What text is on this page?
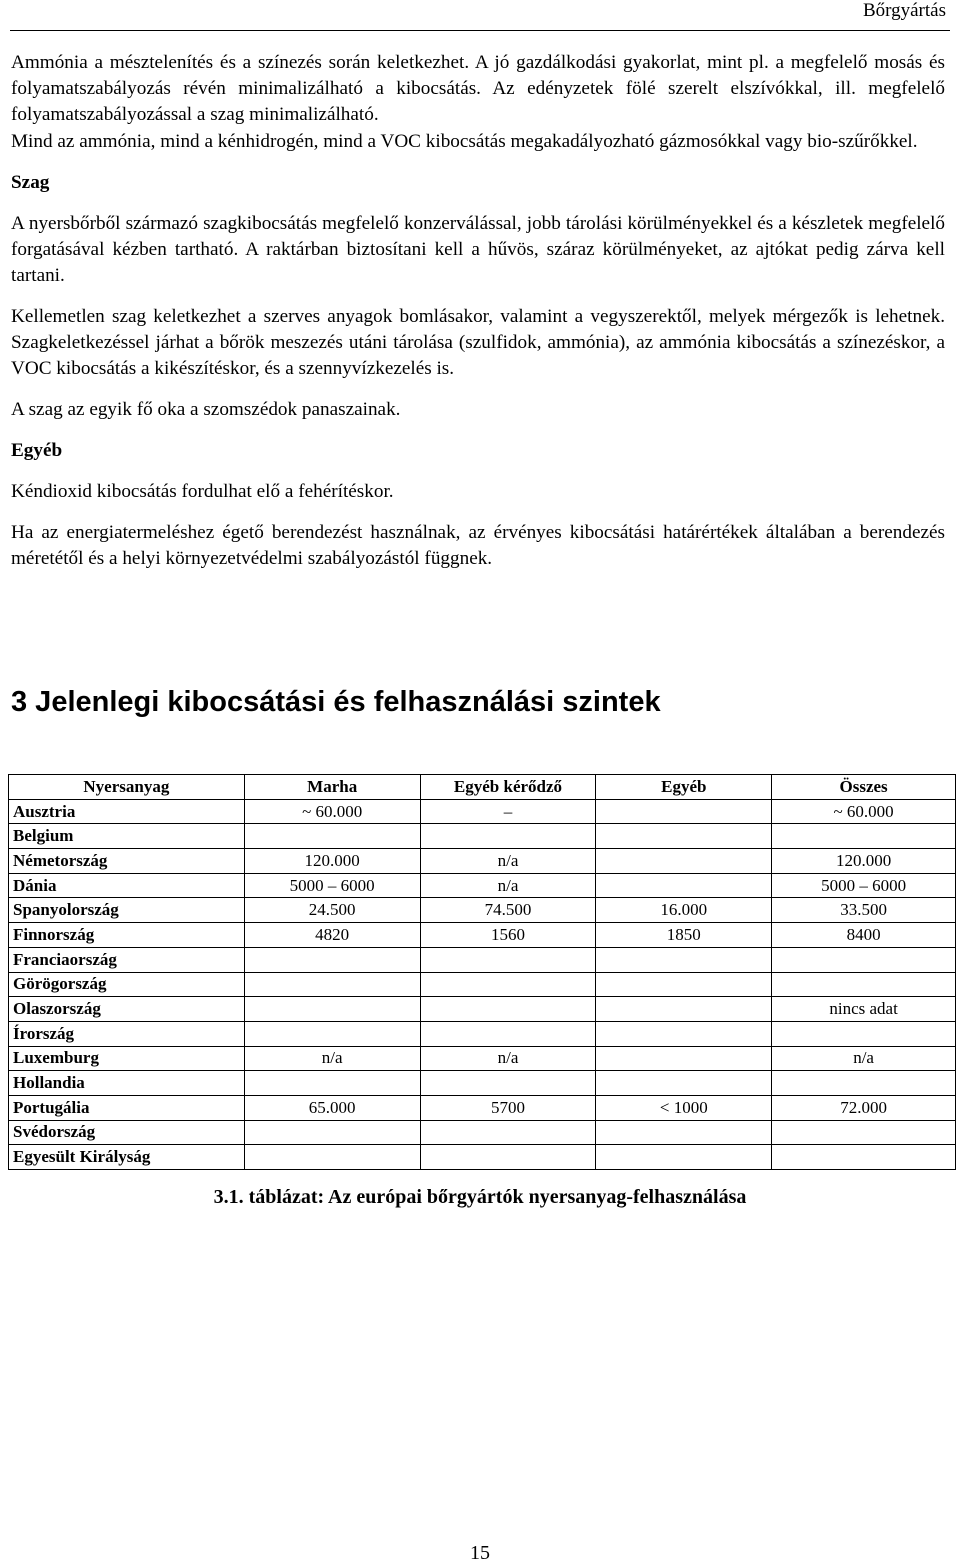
Bőrgyártás

Ammónia a mésztelenítés és a színezés során keletkezhet. A jó gazdálkodási gyakorlat, mint pl. a megfelelő mosás és folyamatszabályozás révén minimalizálható a kibocsátás. Az edényzetek fölé szerelt elszívókkal, ill. megfelelő folyamatszabályozással a szag minimalizálható.

Mind az ammónia, mind a kénhidrogén, mind a VOC kibocsátás megakadályozható gázmosókkal vagy bio-szűrőkkel.

Szag

A nyersbőrből származó szagkibocsátás megfelelő konzerválással, jobb tárolási körülményekkel és a készletek megfelelő forgatásával kézben tartható. A raktárban biztosítani kell a hűvös, száraz körülményeket, az ajtókat pedig zárva kell tartani.

Kellemetlen szag keletkezhet a szerves anyagok bomlásakor, valamint a vegyszerektől, melyek mérgezők is lehetnek. Szagkeletkezéssel járhat a bőrök meszezés utáni tárolása (szulfidok, ammónia), az ammónia kibocsátás a színezéskor, a VOC kibocsátás a kikészítéskor, és a szennyvízkezelés is.

A szag az egyik fő oka a szomszédok panaszainak.

Egyéb

Kéndioxid kibocsátás fordulhat elő a fehérítéskor.

Ha az energiatermeléshez égető berendezést használnak, az érvényes kibocsátási határértékek általában a berendezés méretétől és a helyi környezetvédelmi szabályozástól függnek.

3 Jelenlegi kibocsátási és felhasználási szintek
Nyersanyag	Marha	Egyéb kérődző	Egyéb	Összes
Ausztria	~ 60.000	–		~ 60.000
Belgium				
Németország	120.000	n/a		120.000
Dánia	5000 – 6000	n/a		5000 – 6000
Spanyolország	24.500	74.500	16.000	33.500
Finnország	4820	1560	1850	8400
Franciaország				
Görögország				
Olaszország				nincs adat
Írország				
Luxemburg	n/a	n/a		n/a
Hollandia				
Portugália	65.000	5700	< 1000	72.000
Svédország				
Egyesült Királyság				
3.1. táblázat: Az európai bőrgyártók nyersanyag-felhasználása
15
